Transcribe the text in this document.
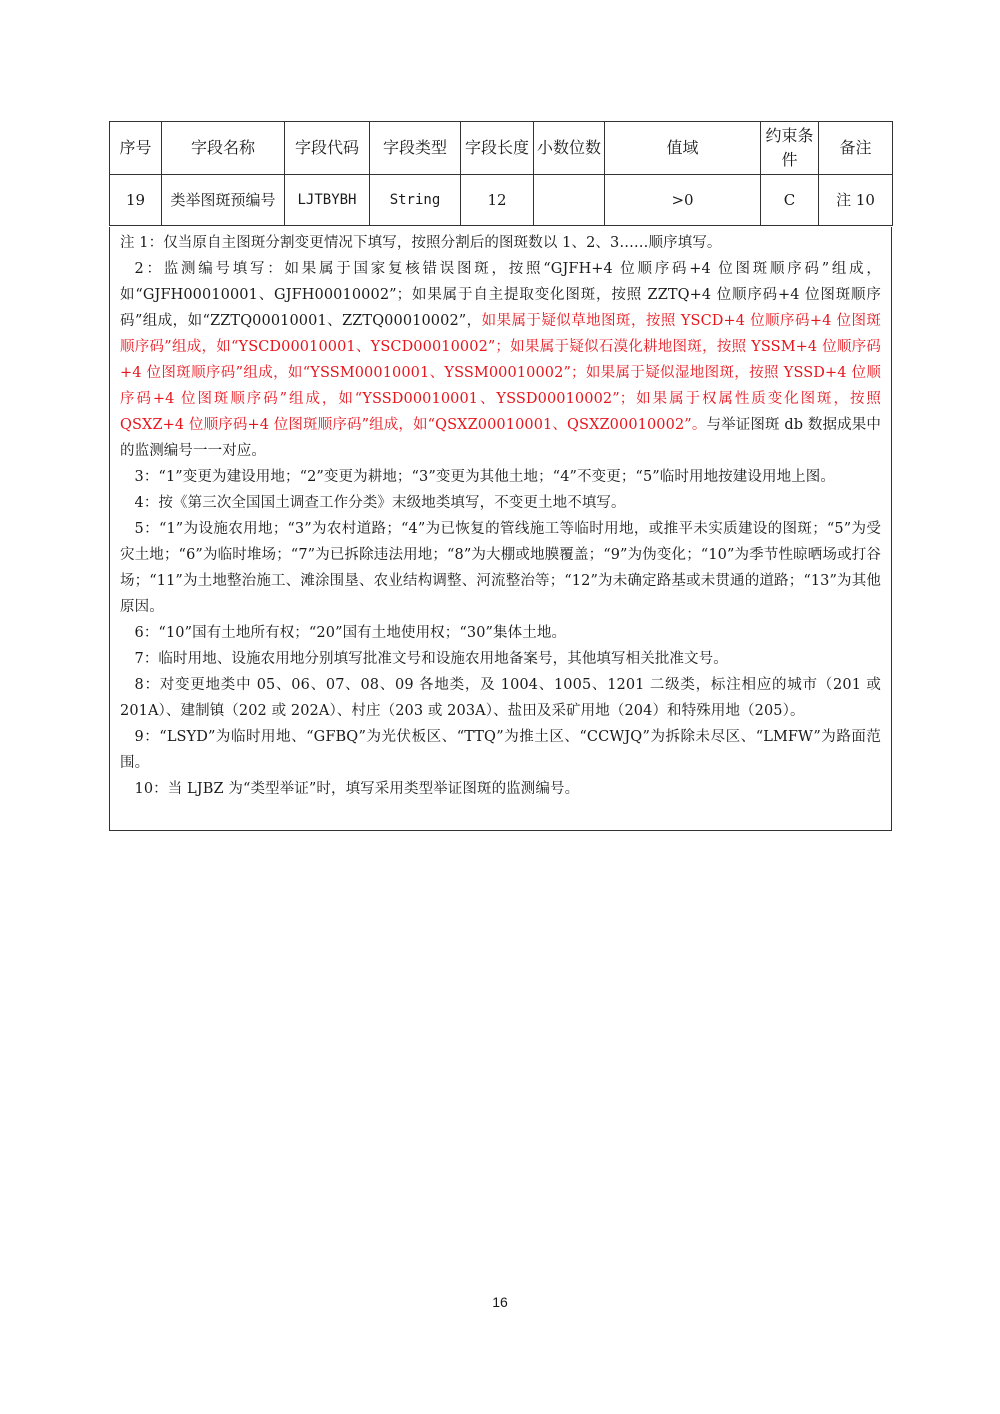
序号	字段名称	字段代码	字段类型	字段长度	小数位数	值域	约束条件	备注
19	类举图斑预编号	LJTBYBH	String	12		>0	C	注 10

注 1：仅当原自主图斑分割变更情况下填写，按照分割后的图斑数以 1、2、3……顺序填写。

2：监测编号填写：如果属于国家复核错误图斑，按照“GJFH+4 位顺序码+4 位图斑顺序码”组成，如“GJFH00010001、GJFH00010002”；如果属于自主提取变化图斑，按照 ZZTQ+4 位顺序码+4 位图斑顺序码”组成，如“ZZTQ00010001、ZZTQ00010002”，如果属于疑似草地图斑，按照 YSCD+4 位顺序码+4 位图斑顺序码”组成，如“YSCD00010001、YSCD00010002”；如果属于疑似石漠化耕地图斑，按照 YSSM+4 位顺序码+4 位图斑顺序码”组成，如“YSSM00010001、YSSM00010002”；如果属于疑似湿地图斑，按照 YSSD+4 位顺序码+4 位图斑顺序码”组成，如“YSSD00010001、YSSD00010002”；如果属于权属性质变化图斑，按照 QSXZ+4 位顺序码+4 位图斑顺序码”组成，如“QSXZ00010001、QSXZ00010002”。与举证图斑 db 数据成果中的监测编号一一对应。

3：“1”变更为建设用地；“2”变更为耕地；“3”变更为其他土地；“4”不变更；“5”临时用地按建设用地上图。

4：按《第三次全国国土调查工作分类》末级地类填写，不变更土地不填写。

5：“1”为设施农用地；“3”为农村道路；“4”为已恢复的管线施工等临时用地，或推平未实质建设的图斑；“5”为受灾土地；“6”为临时堆场；“7”为已拆除违法用地；“8”为大棚或地膜覆盖；“9”为伪变化；“10”为季节性晾晒场或打谷场；“11”为土地整治施工、滩涂围垦、农业结构调整、河流整治等；“12”为未确定路基或未贯通的道路；“13”为其他原因。

6：“10”国有土地所有权；“20”国有土地使用权；“30”集体土地。

7：临时用地、设施农用地分别填写批准文号和设施农用地备案号，其他填写相关批准文号。

8：对变更地类中 05、06、07、08、09 各地类，及 1004、1005、1201 二级类，标注相应的城市（201 或 201A）、建制镇（202 或 202A）、村庄（203 或 203A）、盐田及采矿用地（204）和特殊用地（205）。

9：“LSYD”为临时用地、“GFBQ”为光伏板区、“TTQ”为推土区、“CCWJQ”为拆除未尽区、“LMFW”为路面范围。

10：当 LJBZ 为“类型举证”时，填写采用类型举证图斑的监测编号。

16
